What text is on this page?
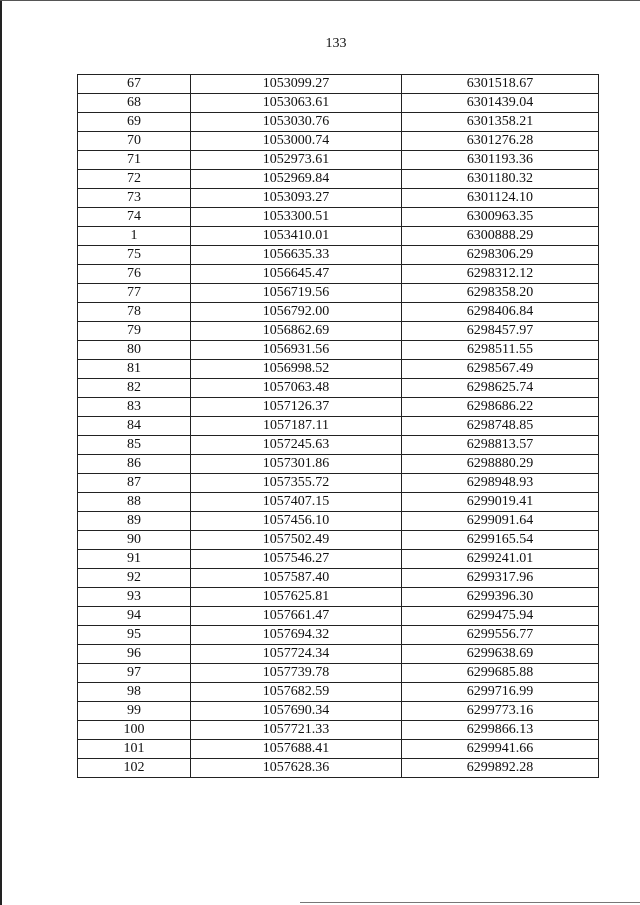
133
67	1053099.27	6301518.67
68	1053063.61	6301439.04
69	1053030.76	6301358.21
70	1053000.74	6301276.28
71	1052973.61	6301193.36
72	1052969.84	6301180.32
73	1053093.27	6301124.10
74	1053300.51	6300963.35
1	1053410.01	6300888.29
75	1056635.33	6298306.29
76	1056645.47	6298312.12
77	1056719.56	6298358.20
78	1056792.00	6298406.84
79	1056862.69	6298457.97
80	1056931.56	6298511.55
81	1056998.52	6298567.49
82	1057063.48	6298625.74
83	1057126.37	6298686.22
84	1057187.11	6298748.85
85	1057245.63	6298813.57
86	1057301.86	6298880.29
87	1057355.72	6298948.93
88	1057407.15	6299019.41
89	1057456.10	6299091.64
90	1057502.49	6299165.54
91	1057546.27	6299241.01
92	1057587.40	6299317.96
93	1057625.81	6299396.30
94	1057661.47	6299475.94
95	1057694.32	6299556.77
96	1057724.34	6299638.69
97	1057739.78	6299685.88
98	1057682.59	6299716.99
99	1057690.34	6299773.16
100	1057721.33	6299866.13
101	1057688.41	6299941.66
102	1057628.36	6299892.28
